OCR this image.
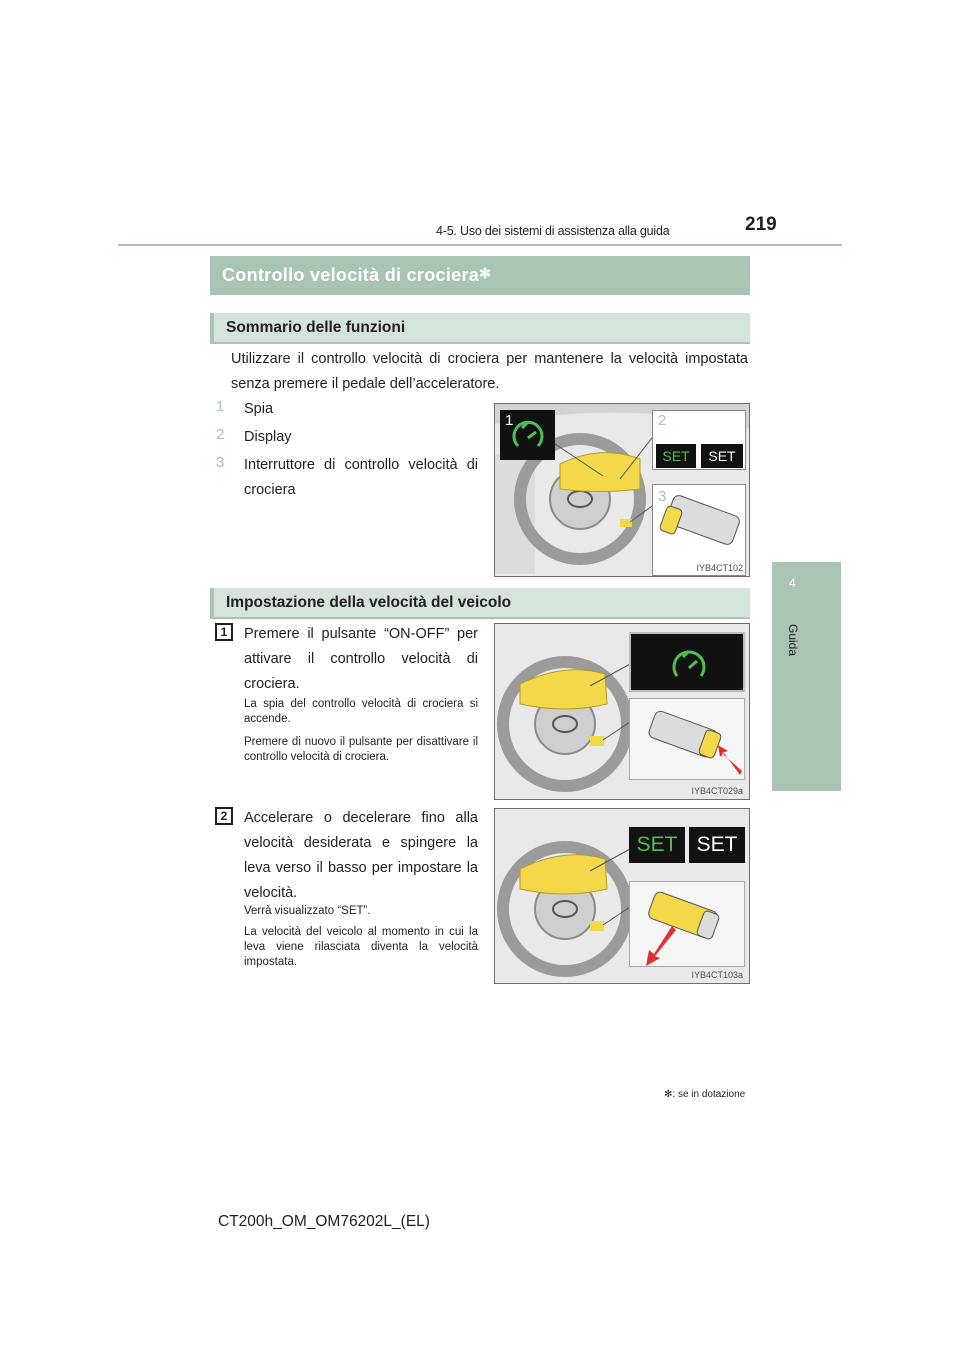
4-5. Uso dei sistemi di assistenza alla guida	219
4
Guida
Controllo velocità di crociera✻
Sommario delle funzioni
Utilizzare il controllo velocità di crociera per mantenere la velocità impostata senza premere il pedale dell’acceleratore.
1 Spia
2 Display
3 Interruttore di controllo velocità di crociera
1
SET	SET
2
3
IYB4CT102
Impostazione della velocità del veicolo
1	Premere il pulsante “ON-OFF” per attivare il controllo velocità di crociera.
La spia del controllo velocità di crociera si accende.
Premere di nuovo il pulsante per disattivare il controllo velocità di crociera.
IYB4CT029a
2	Accelerare o decelerare fino alla velocità desiderata e spingere la leva verso il basso per impostare la velocità.
Verrà visualizzato “SET”.
La velocità del veicolo al momento in cui la leva viene rilasciata diventa la velocità impostata.
SET SET
IYB4CT103a
✻: se in dotazione
CT200h_OM_OM76202L_(EL)
